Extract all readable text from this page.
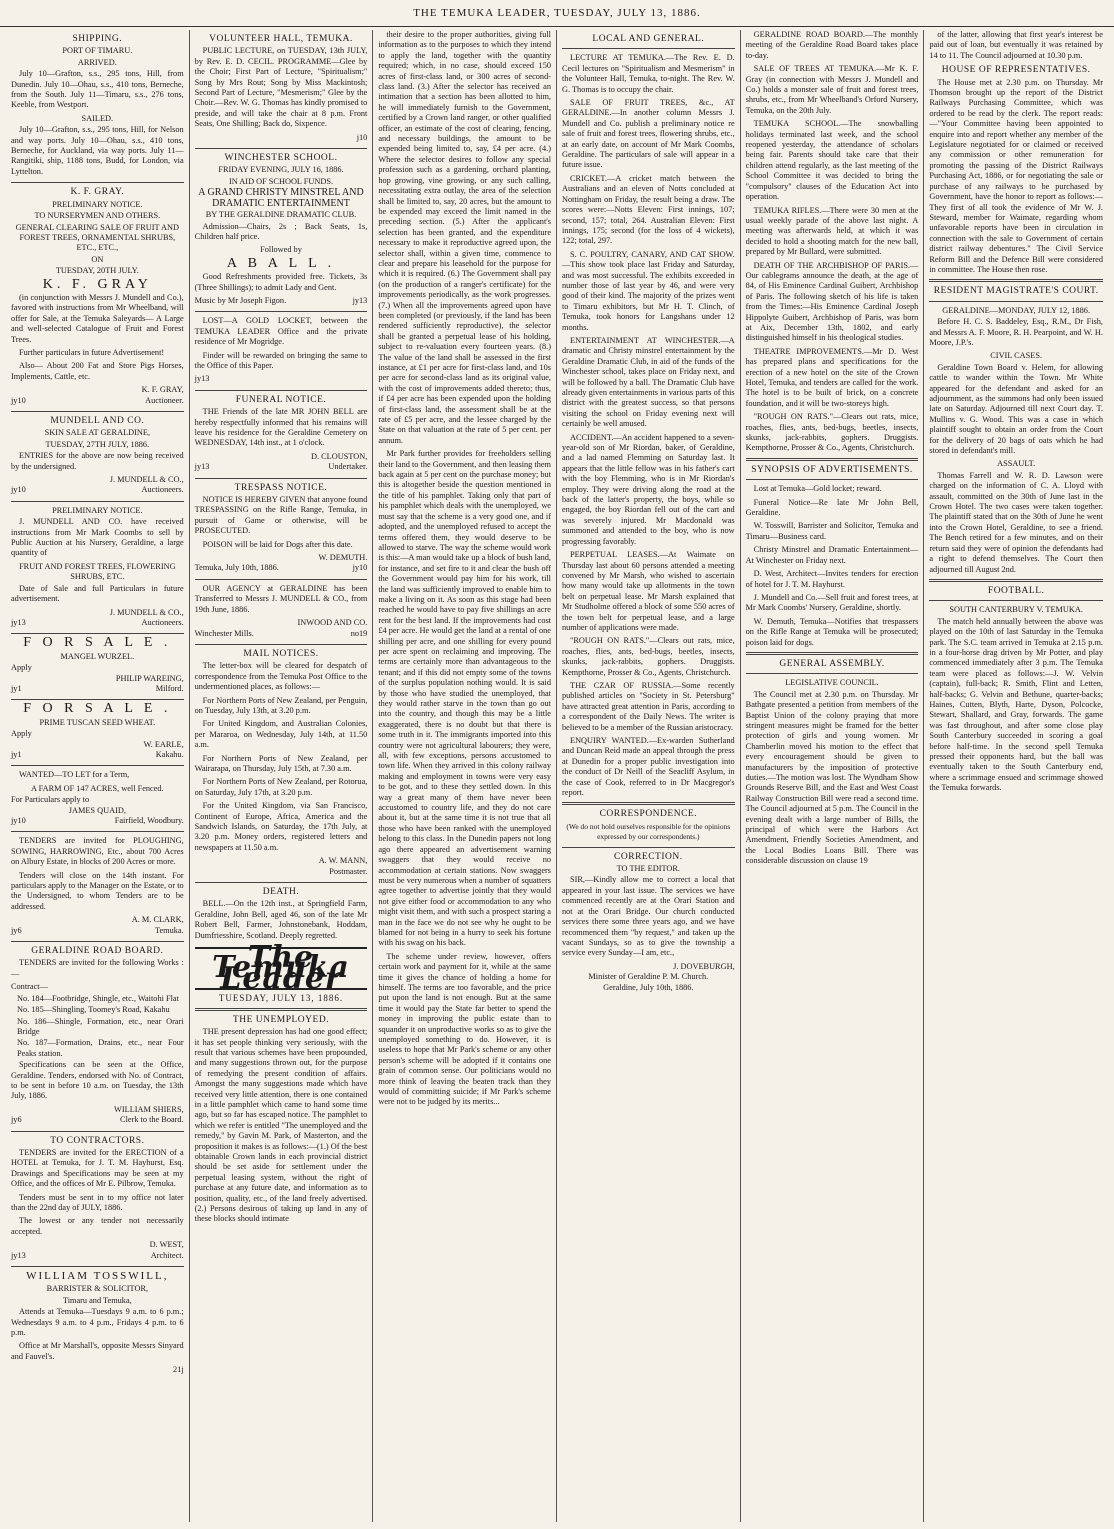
THE TEMUKA LEADER, TUESDAY, JULY 13, 1886.
SHIPPING.
PORT OF TIMARU.
ARRIVED.

July 10—Grafton, s.s., 295 tons, Hill, from Dunedin. July 10—Ohau, s.s., 410 tons, Berneche, from the South. July 11—Timaru, s.s., 276 tons, Keeble, from Westport.

SAILED.

July 10—Grafton, s.s., 295 tons, Hill, for Nelson and way ports. July 10—Ohau, s.s., 410 tons, Berneche, for Auckland, via way ports. July 11—Rangitiki, ship, 1188 tons, Budd, for London, via Lyttelton.

K. F. GRAY.
PRELIMINARY NOTICE.
TO NURSERYMEN AND OTHERS.
GENERAL CLEARING SALE OF FRUIT AND FOREST TREES, ORNAMENTAL SHRUBS, ETC., ETC.,
ON
TUESDAY, 20TH JULY.
K. F. GRAY

(in conjunction with Messrs J. Mundell and Co.), favored with instructions from Mr Wheelband, will offer for Sale, at the Temuka Saleyards— A Large and well-selected Catalogue of Fruit and Forest Trees.

Further particulars in future Advertisement!

Also— About 200 Fat and Store Pigs Horses, Implements, Cattle, etc.

K. F. GRAY,
jy10	Auctioneer.
MUNDELL AND CO.
SKIN SALE AT GERALDINE,
TUESDAY, 27TH JULY, 1886.

ENTRIES for the above are now being received by the undersigned.

J. MUNDELL & CO.,
jy10	Auctioneers.
PRELIMINARY NOTICE.

J. MUNDELL AND CO. have received instructions from Mr Mark Coombs to sell by Public Auction at his Nursery, Geraldine, a large quantity of

FRUIT AND FOREST TREES, FLOWERING SHRUBS, ETC.

Date of Sale and full Particulars in future advertisement.

J. MUNDELL & CO.,
jy13	Auctioneers.
F O R S A L E .
MANGEL WURZEL.
Apply
PHILIP WAREING,
jy1	Milford.
F O R S A L E .
PRIME TUSCAN SEED WHEAT.
Apply
W. EARLE,
jy1	Kakahu.

WANTED—TO LET for a Term,

A FARM OF 147 ACRES, well Fenced.
For Particulars apply to
JAMES QUAID,
jy10	Fairfield, Woodbury.

TENDERS are invited for PLOUGHING, SOWING, HARROWING, Etc., about 700 Acres on Albury Estate, in blocks of 200 Acres or more.

Tenders will close on the 14th instant. For particulars apply to the Manager on the Estate, or to the Undersigned, to whom Tenders are to be addressed.

A. M. CLARK,
jy6	Temuka.
GERALDINE ROAD BOARD.

TENDERS are invited for the following Works :—

Contract—
No. 184—Footbridge, Shingle, etc., Waitohi Flat
No. 185—Shingling, Toomey's Road, Kakahu
No. 186—Shingle, Formation, etc., near Orari Bridge
No. 187—Formation, Drains, etc., near Four Peaks station.

Specifications can be seen at the Office, Geraldine. Tenders, endorsed with No. of Contract, to be sent in before 10 a.m. on Tuesday, the 13th July, 1886.

WILLIAM SHIERS,
jy6	Clerk to the Board.
TO CONTRACTORS.

TENDERS are invited for the ERECTION of a HOTEL at Temuka, for J. T. M. Hayhurst, Esq. Drawings and Specifications may be seen at my Office, and the offices of Mr E. Pilbrow, Temuka.

Tenders must be sent in to my office not later than the 22nd day of JULY, 1886.

The lowest or any tender not necessarily accepted.

D. WEST,
jy13	Architect.
WILLIAM TOSSWILL,
BARRISTER & SOLICITOR,
Timaru and Temuka,

Attends at Temuka—Tuesdays 9 a.m. to 6 p.m.; Wednesdays 9 a.m. to 4 p.m., Fridays 4 p.m. to 6 p.m.

Office at Mr Marshall's, opposite Messrs Sinyard and Fauvel's.

21j
VOLUNTEER HALL, TEMUKA.

PUBLIC LECTURE, on TUESDAY, 13th JULY, by Rev. E. D. CECIL. PROGRAMME—Glee by the Choir; First Part of Lecture, "Spiritualism;" Song by Mrs Rout; Song by Miss Mackintosh; Second Part of Lecture, "Mesmerism;" Glee by the Choir.—Rev. W. G. Thomas has kindly promised to preside, and will take the chair at 8 p.m. Front Seats, One Shilling; Back do, Sixpence.

j10
WINCHESTER SCHOOL.
FRIDAY EVENING, JULY 16, 1886.
IN AID OF SCHOOL FUNDS.
A GRAND CHRISTY MINSTREL AND DRAMATIC ENTERTAINMENT
BY THE GERALDINE DRAMATIC CLUB.

Admission—Chairs, 2s ; Back Seats, 1s, Children half price.

Followed by
A B A L L .

Good Refreshments provided free. Tickets, 3s (Three Shillings); to admit Lady and Gent.

Music by Mr Joseph Figon.	jy13

LOST—A GOLD LOCKET, between the TEMUKA LEADER Office and the private residence of Mr Mogridge.

Finder will be rewarded on bringing the same to the Office of this Paper.

jy13
FUNERAL NOTICE.

THE Friends of the late MR JOHN BELL are hereby respectfully informed that his remains will leave his residence for the Geraldine Cemetery on WEDNESDAY, 14th inst., at 1 o'clock.

D. CLOUSTON,
jy13	Undertaker.
TRESPASS NOTICE.

NOTICE IS HEREBY GIVEN that anyone found TRESPASSING on the Rifle Range, Temuka, in pursuit of Game or otherwise, will be PROSECUTED.

POISON will be laid for Dogs after this date.

W. DEMUTH.
Temuka, July 10th, 1886.	jy10

OUR AGENCY at GERALDINE has been Transferred to Messrs J. MUNDELL & CO., from 19th June, 1886.

INWOOD AND CO.
Winchester Mills.	no19
MAIL NOTICES.

The letter-box will be cleared for despatch of correspondence from the Temuka Post Office to the undermentioned places, as follows:—

For Northern Ports of New Zealand, per Penguin, on Tuesday, July 13th, at 3.20 p.m.

For United Kingdom, and Australian Colonies, per Mararoa, on Wednesday, July 14th, at 11.50 a.m.

For Northern Ports of New Zealand, per Wairarapa, on Thursday, July 15th, at 7.30 a.m.

For Northern Ports of New Zealand, per Rotorua, on Saturday, July 17th, at 3.20 p.m.

For the United Kingdom, via San Francisco, Continent of Europe, Africa, America and the Sandwich Islands, on Saturday, the 17th July, at 3.20 p.m. Money orders, registered letters and newspapers at 11.50 a.m.

A. W. MANN,
Postmaster.
DEATH.

BELL.—On the 12th inst., at Springfield Farm, Geraldine, John Bell, aged 46, son of the late Mr Robert Bell, Farmer, Johnstonebank, Hoddam, Dumfriesshire, Scotland. Deeply regretted.

The Temuka Leader
TUESDAY, JULY 13, 1886.
THE UNEMPLOYED.

THE present depression has had one good effect; it has set people thinking very seriously, with the result that various schemes have been propounded, and many suggestions thrown out, for the purpose of remedying the present condition of affairs. Amongst the many suggestions made which have received very little attention, there is one contained in a little pamphlet which came to hand some time ago, but so far has escaped notice. The pamphlet to which we refer is entitled "The unemployed and the remedy," by Gavin M. Park, of Masterton, and the proposition it makes is as follows:—(1.) Of the best obtainable Crown lands in each provincial district should be set aside for settlement under the perpetual leasing system, without the right of purchase at any future date, and information as to position, quality, etc., of the land freely advertised. (2.) Persons desirous of taking up land in any of these blocks should intimate

their desire to the proper authorities, giving full information as to the purposes to which they intend to apply the land, together with the quantity required; which, in no case, should exceed 150 acres of first-class land, or 300 acres of second-class land. (3.) After the selector has received an intimation that a section has been allotted to him, he will immediately furnish to the Government, certified by a Crown land ranger, or other qualified officer, an estimate of the cost of clearing, fencing, and necessary buildings, the amount to be expended being limited to, say, £4 per acre. (4.) Where the selector desires to follow any special profession such as a gardening, orchard planting, hop growing, vine growing, or any such calling, necessitating extra outlay, the area of the selection shall be limited to, say, 20 acres, but the amount to be expended may exceed the limit named in the preceding section. (5.) After the applicant's selection has been granted, and the expenditure necessary to make it reproductive agreed upon, the selector shall, within a given time, commence to clear and prepare his leasehold for the purpose for which it is required. (6.) The Government shall pay (on the production of a ranger's certificate) for the improvements periodically, as the work progresses. (7.) When all the improvements agreed upon have been completed (or previously, if the land has been rendered sufficiently reproductive), the selector shall be granted a perpetual lease of his holding, subject to re-valuation every fourteen years. (8.) The value of the land shall be assessed in the first instance, at £1 per acre for first-class land, and 10s per acre for second-class land as its original value, with the cost of improvements added thereto; thus, if £4 per acre has been expended upon the holding of first-class land, the assessment shall be at the rate of £5 per acre, and the lessee charged by the State on that valuation at the rate of 5 per cent. per annum.

Mr Park further provides for freeholders selling their land to the Government, and then leasing them back again at 5 per cent on the purchase money; but this is altogether beside the question mentioned in the title of his pamphlet. Taking only that part of his pamphlet which deals with the unemployed, we must say that the scheme is a very good one, and if adopted, and the unemployed refused to accept the terms offered them, they would deserve to be allowed to starve. The way the scheme would work is this:—A man would take up a block of bush land, for instance, and set fire to it and clear the bush off the Government would pay him for his work, till the land was sufficiently improved to enable him to make a living on it. As soon as this stage had been reached he would have to pay five shillings an acre rent for the best land. If the improvements had cost £4 per acre. He would get the land at a rental of one shilling per acre, and one shilling for every pound per acre spent on reclaiming and improving. The terms are certainly more than advantageous to the tenant; and if this did not empty some of the towns of the surplus population nothing would. It is said by those who have studied the unemployed, that they would rather starve in the town than go out into the country, and though this may be a little exaggerated, there is no doubt but that there is some truth in it. The immigrants imported into this country were not agricultural labourers; they were, all, with few exceptions, persons accustomed to town life. When they arrived in this colony railway making and employment in towns were very easy to be got, and to these they settled down. In this way a great many of them have never been accustomed to country life, and they do not care about it, but at the same time it is not true that all those who have been ranked with the unemployed belong to this class. In the Dunedin papers not long ago there appeared an advertisement warning swaggers that they would receive no accommodation at certain stations. Now swaggers must be very numerous when a number of squatters agree together to advertise jointly that they would not give either food or accommodation to any who might visit them, and with such a prospect staring a man in the face we do not see why he ought to be blamed for not being in a hurry to seek his fortune with his swag on his back.

The scheme under review, however, offers certain work and payment for it, while at the same time it gives the chance of holding a home for himself. The terms are too favorable, and the price put upon the land is not enough. But at the same time it would pay the State far better to spend the money in improving the public estate than to squander it on unproductive works so as to give the unemployed something to do. However, it is useless to hope that Mr Park's scheme or any other person's scheme will be adopted if it contains one grain of common sense. Our politicians would no more think of leaving the beaten track than they would of committing suicide; if Mr Park's scheme were not to be judged by its merits...

LOCAL AND GENERAL.

LECTURE AT TEMUKA.—The Rev. E. D. Cecil lectures on "Spiritualism and Mesmerism" in the Volunteer Hall, Temuka, to-night. The Rev. W. G. Thomas is to occupy the chair.

SALE OF FRUIT TREES, &c., AT GERALDINE.—In another column Messrs J. Mundell and Co. publish a preliminary notice re sale of fruit and forest trees, flowering shrubs, etc., at an early date, on account of Mr Mark Coombs, Geraldine. The particulars of sale will appear in a future issue.

CRICKET.—A cricket match between the Australians and an eleven of Notts concluded at Nottingham on Friday, the result being a draw. The scores were:—Notts Eleven: First innings, 107; second, 157; total, 264. Australian Eleven: First innings, 175; second (for the loss of 4 wickets), 122; total, 297.

S. C. POULTRY, CANARY, AND CAT SHOW.—This show took place last Friday and Saturday, and was most successful. The exhibits exceeded in number those of last year by 46, and were very good of their kind. The majority of the prizes went to Timaru exhibitors, but Mr H. T. Clinch, of Temuka, took honors for Langshans under 12 months.

ENTERTAINMENT AT WINCHESTER.—A dramatic and Christy minstrel entertainment by the Geraldine Dramatic Club, in aid of the funds of the Winchester school, takes place on Friday next, and will be followed by a ball. The Dramatic Club have already given entertainments in various parts of this district with the greatest success, so that persons visiting the school on Friday evening next will certainly be well amused.

ACCIDENT.—An accident happened to a seven-year-old son of Mr Riordan, baker, of Geraldine, and a lad named Flemming on Saturday last. It appears that the little fellow was in his father's cart with the boy Flemming, who is in Mr Riordan's employ. They were driving along the road at the back of the latter's property, the boys, while so engaged, the boy Riordan fell out of the cart and was severely injured. Mr Macdonald was summoned and attended to the boy, who is now progressing favorably.

PERPETUAL LEASES.—At Waimate on Thursday last about 60 persons attended a meeting convened by Mr Marsh, who wished to ascertain how many would take up allotments in the town belt on perpetual lease. Mr Marsh explained that Mr Studholme offered a block of some 550 acres of the town belt for perpetual lease, and a large number of applications were made.

"ROUGH ON RATS."—Clears out rats, mice, roaches, flies, ants, bed-bugs, beetles, insects, skunks, jack-rabbits, gophers. Druggists. Kempthorne, Prosser & Co., Agents, Christchurch.

THE CZAR OF RUSSIA.—Some recently published articles on "Society in St. Petersburg" have attracted great attention in Paris, according to a correspondent of the Daily News. The writer is believed to be a member of the Russian aristocracy.

ENQUIRY WANTED.—Ex-warden Sutherland and Duncan Reid made an appeal through the press at Dunedin for a proper public investigation into the conduct of Dr Neill of the Seacliff Asylum, in the case of Cook, referred to in Dr Macgregor's report.

CORRESPONDENCE.
(We do not hold ourselves responsible for the opinions expressed by our correspondents.)
CORRECTION.
TO THE EDITOR.

SIR,—Kindly allow me to correct a local that appeared in your last issue. The services we have commenced recently are at the Orari Station and not at the Orari Bridge. Our church conducted services there some three years ago, and we have recommenced them "by request," and taken up the vacant Sundays, so as to give the township a service every Sunday—I am, etc.,

J. DOVEBURGH,
Minister of Geraldine P. M. Church.
Geraldine, July 10th, 1886.

GERALDINE ROAD BOARD.—The monthly meeting of the Geraldine Road Board takes place to-day.

SALE OF TREES AT TEMUKA.—Mr K. F. Gray (in connection with Messrs J. Mundell and Co.) holds a monster sale of fruit and forest trees, shrubs, etc., from Mr Wheelband's Orford Nursery, Temuka, on the 20th July.

TEMUKA SCHOOL.—The snowballing holidays terminated last week, and the school reopened yesterday, the attendance of scholars being fair. Parents should take care that their children attend regularly, as the last meeting of the School Committee it was decided to bring the "compulsory" clauses of the Education Act into operation.

TEMUKA RIFLES.—There were 30 men at the usual weekly parade of the above last night. A meeting was afterwards held, at which it was decided to hold a shooting match for the new ball, prepared by Mr Bullard, were submitted.

DEATH OF THE ARCHBISHOP OF PARIS.—Our cablegrams announce the death, at the age of 84, of His Eminence Cardinal Guibert, Archbishop of Paris. The following sketch of his life is taken from the Times:—His Eminence Cardinal Joseph Hippolyte Guibert, Archbishop of Paris, was born at Aix, December 13th, 1802, and early distinguished himself in his theological studies.

THEATRE IMPROVEMENTS.—Mr D. West has prepared plans and specifications for the erection of a new hotel on the site of the Crown Hotel, Temuka, and tenders are called for the work. The hotel is to be built of brick, on a concrete foundation, and it will be two-storeys high.

"ROUGH ON RATS."—Clears out rats, mice, roaches, flies, ants, bed-bugs, beetles, insects, skunks, jack-rabbits, gophers. Druggists. Kempthorne, Prosser & Co., Agents, Christchurch.

SYNOPSIS OF ADVERTISEMENTS.

Lost at Temuka—Gold locket; reward.

Funeral Notice—Re late Mr John Bell, Geraldine.

W. Tosswill, Barrister and Solicitor, Temuka and Timaru—Business card.

Christy Minstrel and Dramatic Entertainment—At Winchester on Friday next.

D. West, Architect—Invites tenders for erection of hotel for J. T. M. Hayhurst.

J. Mundell and Co.—Sell fruit and forest trees, at Mr Mark Coombs' Nursery, Geraldine, shortly.

W. Demuth, Temuka—Notifies that trespassers on the Rifle Range at Temuka will be prosecuted; poison laid for dogs.

GENERAL ASSEMBLY.
LEGISLATIVE COUNCIL.

The Council met at 2.30 p.m. on Thursday. Mr Bathgate presented a petition from members of the Baptist Union of the colony praying that more stringent measures might be framed for the better protection of girls and young women. Mr Chamberlin moved his motion to the effect that every encouragement should be given to manufacturers by the imposition of protective duties.—The motion was lost. The Wyndham Show Grounds Reserve Bill, and the East and West Coast Railway Construction Bill were read a second time. The Council adjourned at 5 p.m. The Council in the evening dealt with a large number of Bills, the principal of which were the Harbors Act Amendment, Friendly Societies Amendment, and the Local Bodies Loans Bill. There was considerable discussion on clause 19

of the latter, allowing that first year's interest be paid out of loan, but eventually it was retained by 14 to 11. The Council adjourned at 10.30 p.m.

HOUSE OF REPRESENTATIVES.

The House met at 2.30 p.m. on Thursday. Mr Thomson brought up the report of the District Railways Purchasing Committee, which was ordered to be read by the clerk. The report reads:—"Your Committee having been appointed to enquire into and report whether any member of the Legislature negotiated for or claimed or received any commission or other remuneration for promoting the passing of the District Railways Purchasing Act, 1886, or for negotiating the sale or purchase of any railways to be purchased by Government, have the honor to report as follows:—They first of all took the evidence of Mr W. J. Steward, member for Waimate, regarding whom unfavorable reports have been in circulation in connection with the sale to Government of certain district railway debentures." The Civil Service Reform Bill and the Defence Bill were considered in committee. The House then rose.

RESIDENT MAGISTRATE'S COURT.
GERALDINE—MONDAY, JULY 12, 1886.

Before H. C. S. Baddeley, Esq., R.M., Dr Fish, and Messrs A. F. Moore, R. H. Pearpoint, and W. H. Moore, J.P.'s.

CIVIL CASES.

Geraldine Town Board v. Helem, for allowing cattle to wander within the Town. Mr White appeared for the defendant and asked for an adjournment, as the summons had only been issued late on Saturday. Adjourned till next Court day. T. Mullins v. G. Wood. This was a case in which plaintiff sought to obtain an order from the Court for the delivery of 20 bags of oats which he had stored in defendant's mill.

ASSAULT.

Thomas Farrell and W. R. D. Lawson were charged on the information of C. A. Lloyd with assault, committed on the 30th of June last in the Crown Hotel. The two cases were taken together. The plaintiff stated that on the 30th of June he went into the Crown Hotel, Geraldine, to see a friend. The Bench retired for a few minutes, and on their return said they were of opinion the defendants had a right to defend themselves. The Court then adjourned till August 2nd.

FOOTBALL.
SOUTH CANTERBURY V. TEMUKA.

The match held annually between the above was played on the 10th of last Saturday in the Temuka park. The S.C. team arrived in Temuka at 2.15 p.m. in a four-horse drag driven by Mr Potter, and play commenced immediately after 3 p.m. The Temuka team were placed as follows:—J. W. Velvin (captain), full-back; R. Smith, Flint and Letten, half-backs; G. Velvin and Bethune, quarter-backs; Haines, Cutten, Blyth, Harte, Dyson, Polcocke, Stewart, Shallard, and Gray, forwards. The game was fast throughout, and after some close play South Canterbury succeeded in scoring a goal before half-time. In the second spell Temuka pressed their opponents hard, but the ball was eventually taken to the South Canterbury end, where a scrimmage ensued and scrimmage showed the Temuka forwards.
